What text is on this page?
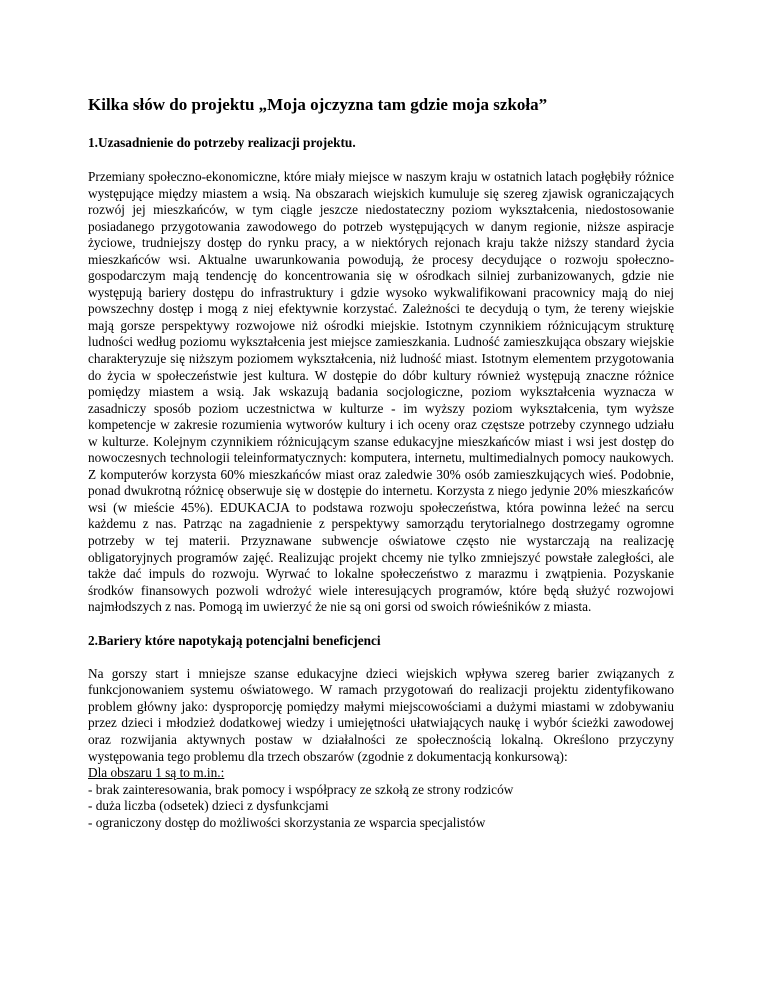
Kilka słów do projektu „Moja ojczyzna tam gdzie moja szkoła”
1.Uzasadnienie do potrzeby realizacji projektu.

Przemiany społeczno-ekonomiczne, które miały miejsce w naszym kraju w ostatnich latach pogłębiły różnice występujące między miastem a wsią. Na obszarach wiejskich kumuluje się szereg zjawisk ograniczających rozwój jej mieszkańców, w tym ciągle jeszcze niedostateczny poziom wykształcenia, niedostosowanie posiadanego przygotowania zawodowego do potrzeb występujących w danym regionie, niższe aspiracje życiowe, trudniejszy dostęp do rynku pracy, a w niektórych rejonach kraju także niższy standard życia mieszkańców wsi. Aktualne uwarunkowania powodują, że procesy decydujące o rozwoju społeczno-gospodarczym mają tendencję do koncentrowania się w ośrodkach silniej zurbanizowanych, gdzie nie występują bariery dostępu do infrastruktury i gdzie wysoko wykwalifikowani pracownicy mają do niej powszechny dostęp i mogą z niej efektywnie korzystać. Zależności te decydują o tym, że tereny wiejskie mają gorsze perspektywy rozwojowe niż ośrodki miejskie. Istotnym czynnikiem różnicującym strukturę ludności według poziomu wykształcenia jest miejsce zamieszkania. Ludność zamieszkująca obszary wiejskie charakteryzuje się niższym poziomem wykształcenia, niż ludność miast. Istotnym elementem przygotowania do życia w społeczeństwie jest kultura. W dostępie do dóbr kultury również występują znaczne różnice pomiędzy miastem a wsią. Jak wskazują badania socjologiczne, poziom wykształcenia wyznacza w zasadniczy sposób poziom uczestnictwa w kulturze - im wyższy poziom wykształcenia, tym wyższe kompetencje w zakresie rozumienia wytworów kultury i ich oceny oraz częstsze potrzeby czynnego udziału w kulturze. Kolejnym czynnikiem różnicującym szanse edukacyjne mieszkańców miast i wsi jest dostęp do nowoczesnych technologii teleinformatycznych: komputera, internetu, multimedialnych pomocy naukowych. Z komputerów korzysta 60% mieszkańców miast oraz zaledwie 30% osób zamieszkujących wieś. Podobnie, ponad dwukrotną różnicę obserwuje się w dostępie do internetu. Korzysta z niego jedynie 20% mieszkańców wsi (w mieście 45%). EDUKACJA to podstawa rozwoju społeczeństwa, która powinna leżeć na sercu każdemu z nas. Patrząc na zagadnienie z perspektywy samorządu terytorialnego dostrzegamy ogromne potrzeby w tej materii. Przyznawane subwencje oświatowe często nie wystarczają na realizację obligatoryjnych programów zajęć. Realizując projekt chcemy nie tylko zmniejszyć powstałe zaległości, ale także dać impuls do rozwoju. Wyrwać to lokalne społeczeństwo z marazmu i zwątpienia. Pozyskanie środków finansowych pozwoli wdrożyć wiele interesujących programów, które będą służyć rozwojowi najmłodszych z nas. Pomogą im uwierzyć że nie są oni gorsi od swoich rówieśników z miasta.

2.Bariery które napotykają potencjalni beneficjenci

Na gorszy start i mniejsze szanse edukacyjne dzieci wiejskich wpływa szereg barier związanych z funkcjonowaniem systemu oświatowego. W ramach przygotowań do realizacji projektu zidentyfikowano problem główny jako: dysproporcję pomiędzy małymi miejscowościami a dużymi miastami w zdobywaniu przez dzieci i młodzież dodatkowej wiedzy i umiejętności ułatwiających naukę i wybór ścieżki zawodowej oraz rozwijania aktywnych postaw w działalności ze społecznością lokalną. Określono przyczyny występowania tego problemu dla trzech obszarów (zgodnie z dokumentacją konkursową):

Dla obszaru 1 są to m.in.:
- brak zainteresowania, brak pomocy i współpracy ze szkołą ze strony rodziców
- duża liczba (odsetek) dzieci z dysfunkcjami
- ograniczony dostęp do możliwości skorzystania ze wsparcia specjalistów
